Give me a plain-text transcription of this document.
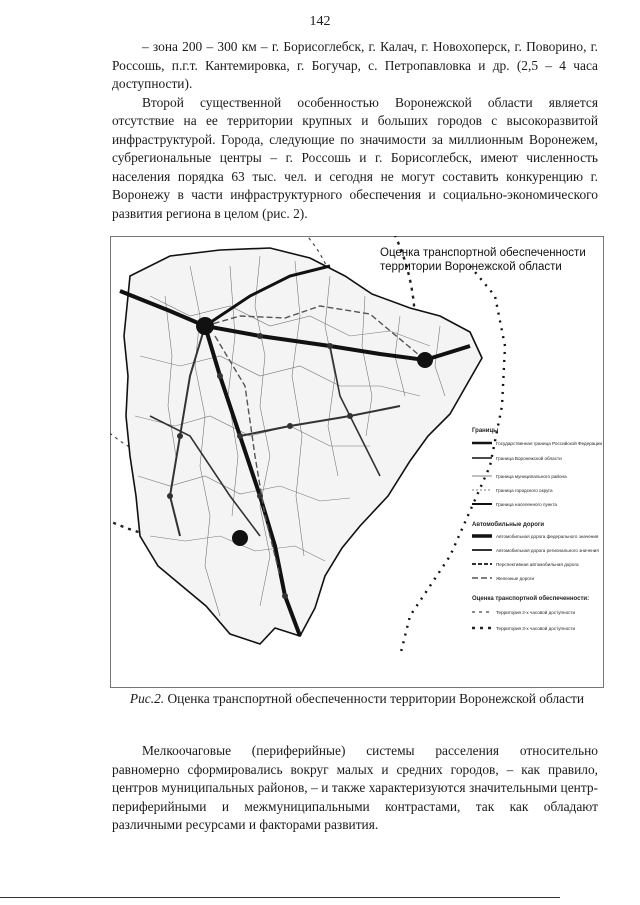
142

– зона 200 – 300 км – г. Борисоглебск, г. Калач, г. Новохоперск, г. Поворино, г. Россошь, п.г.т. Кантемировка, г. Богучар, с. Петропавловка и др. (2,5 – 4 часа доступности).

Второй существенной особенностью Воронежской области является отсутствие на ее территории крупных и больших городов с высокоразвитой инфраструктурой. Города, следующие по значимости за миллионным Воронежем, субрегиональные центры – г. Россошь и г. Борисоглебск, имеют численность населения порядка 63 тыс. чел. и сегодня не могут составить конкуренцию г. Воронежу в части инфраструктурного обеспечения и социально-экономического развития региона в целом (рис. 2).

Оценка транспортной обеспеченности
территории Воронежской области
Границы
Государственная граница Российской Федерации
Граница Воронежской области
Граница муниципального района
Граница городского округа
Граница населенного пункта
Автомобильные дороги
Автомобильная дорога федерального значения
Автомобильная дорога регионального значения
Перспективная автомобильная дорога
Железные дороги
Оценка транспортной обеспеченности:
Территория 2-х часовой доступности
Территория 3-х часовой доступности
Рис.2. Оценка транспортной обеспеченности территории Воронежской области

Мелкоочаговые (периферийные) системы расселения относительно равномерно сформировались вокруг малых и средних городов, – как правило, центров муниципальных районов, – и также характеризуются значительными центр-периферийными и межмуниципальными контрастами, так как обладают различными ресурсами и факторами развития.
